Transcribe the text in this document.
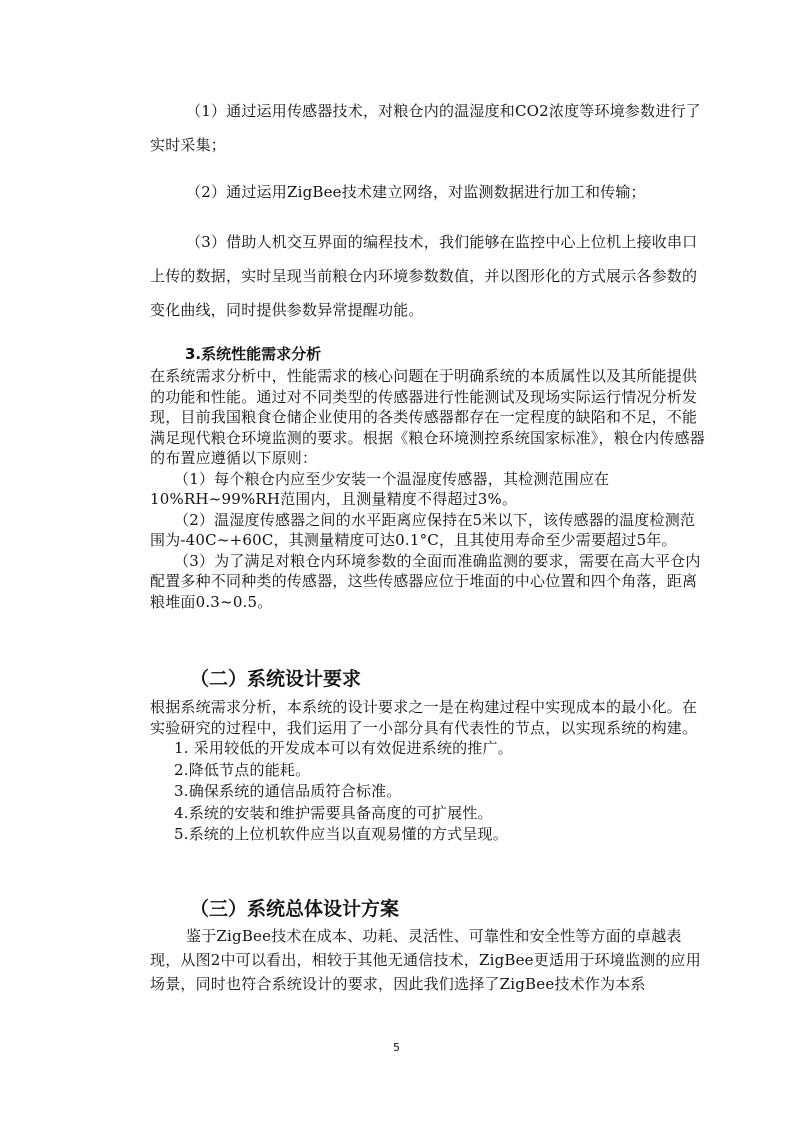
（1）通过运用传感器技术，对粮仓内的温湿度和CO2浓度等环境参数进行了实时采集；

（2）通过运用ZigBee技术建立网络，对监测数据进行加工和传输；

（3）借助人机交互界面的编程技术，我们能够在监控中心上位机上接收串口上传的数据，实时呈现当前粮仓内环境参数数值，并以图形化的方式展示各参数的变化曲线，同时提供参数异常提醒功能。

3.系统性能需求分析

在系统需求分析中，性能需求的核心问题在于明确系统的本质属性以及其所能提供的功能和性能。通过对不同类型的传感器进行性能测试及现场实际运行情况分析发现，目前我国粮食仓储企业使用的各类传感器都存在一定程度的缺陷和不足，不能满足现代粮仓环境监测的要求。根据《粮仓环境测控系统国家标准》，粮仓内传感器的布置应遵循以下原则：

（1）每个粮仓内应至少安装一个温湿度传感器，其检测范围应在10%RH~99%RH范围内，且测量精度不得超过3%。

（2）温湿度传感器之间的水平距离应保持在5米以下，该传感器的温度检测范围为-40C~+60C，其测量精度可达0.1°C，且其使用寿命至少需要超过5年。

（3）为了满足对粮仓内环境参数的全面而准确监测的要求，需要在高大平仓内配置多种不同种类的传感器，这些传感器应位于堆面的中心位置和四个角落，距离粮堆面0.3~0.5。

（二）系统设计要求

根据系统需求分析，本系统的设计要求之一是在构建过程中实现成本的最小化。在实验研究的过程中，我们运用了一小部分具有代表性的节点，以实现系统的构建。

1. 采用较低的开发成本可以有效促进系统的推广。

2.降低节点的能耗。

3.确保系统的通信品质符合标准。

4.系统的安装和维护需要具备高度的可扩展性。

5.系统的上位机软件应当以直观易懂的方式呈现。

（三）系统总体设计方案

鉴于ZigBee技术在成本、功耗、灵活性、可靠性和安全性等方面的卓越表现，从图2中可以看出，相较于其他无通信技术，ZigBee更适用于环境监测的应用场景，同时也符合系统设计的要求，因此我们选择了ZigBee技术作为本系

5
